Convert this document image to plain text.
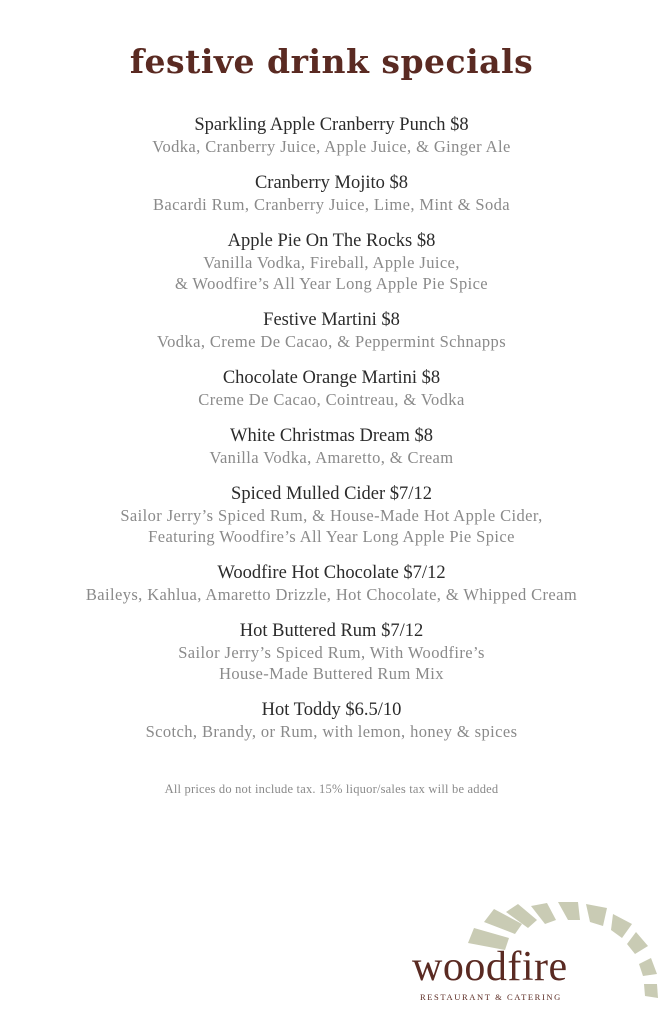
festive drink specials
Sparkling Apple Cranberry Punch $8
Vodka, Cranberry Juice, Apple Juice, & Ginger Ale
Cranberry Mojito $8
Bacardi Rum, Cranberry Juice, Lime, Mint & Soda
Apple Pie On The Rocks $8
Vanilla Vodka, Fireball, Apple Juice,
& Woodfire’s All Year Long Apple Pie Spice
Festive Martini $8
Vodka, Creme De Cacao, & Peppermint Schnapps
Chocolate Orange Martini $8
Creme De Cacao, Cointreau, & Vodka
White Christmas Dream $8
Vanilla Vodka, Amaretto, & Cream
Spiced Mulled Cider $7/12
Sailor Jerry’s Spiced Rum, & House-Made Hot Apple Cider,
Featuring Woodfire’s All Year Long Apple Pie Spice
Woodfire Hot Chocolate $7/12
Baileys, Kahlua, Amaretto Drizzle, Hot Chocolate, & Whipped Cream
Hot Buttered Rum $7/12
Sailor Jerry’s Spiced Rum, With Woodfire’s
House-Made Buttered Rum Mix
Hot Toddy $6.5/10
Scotch, Brandy, or Rum, with lemon, honey & spices
All prices do not include tax. 15% liquor/sales tax will be added
woodfire
RESTAURANT & CATERING
